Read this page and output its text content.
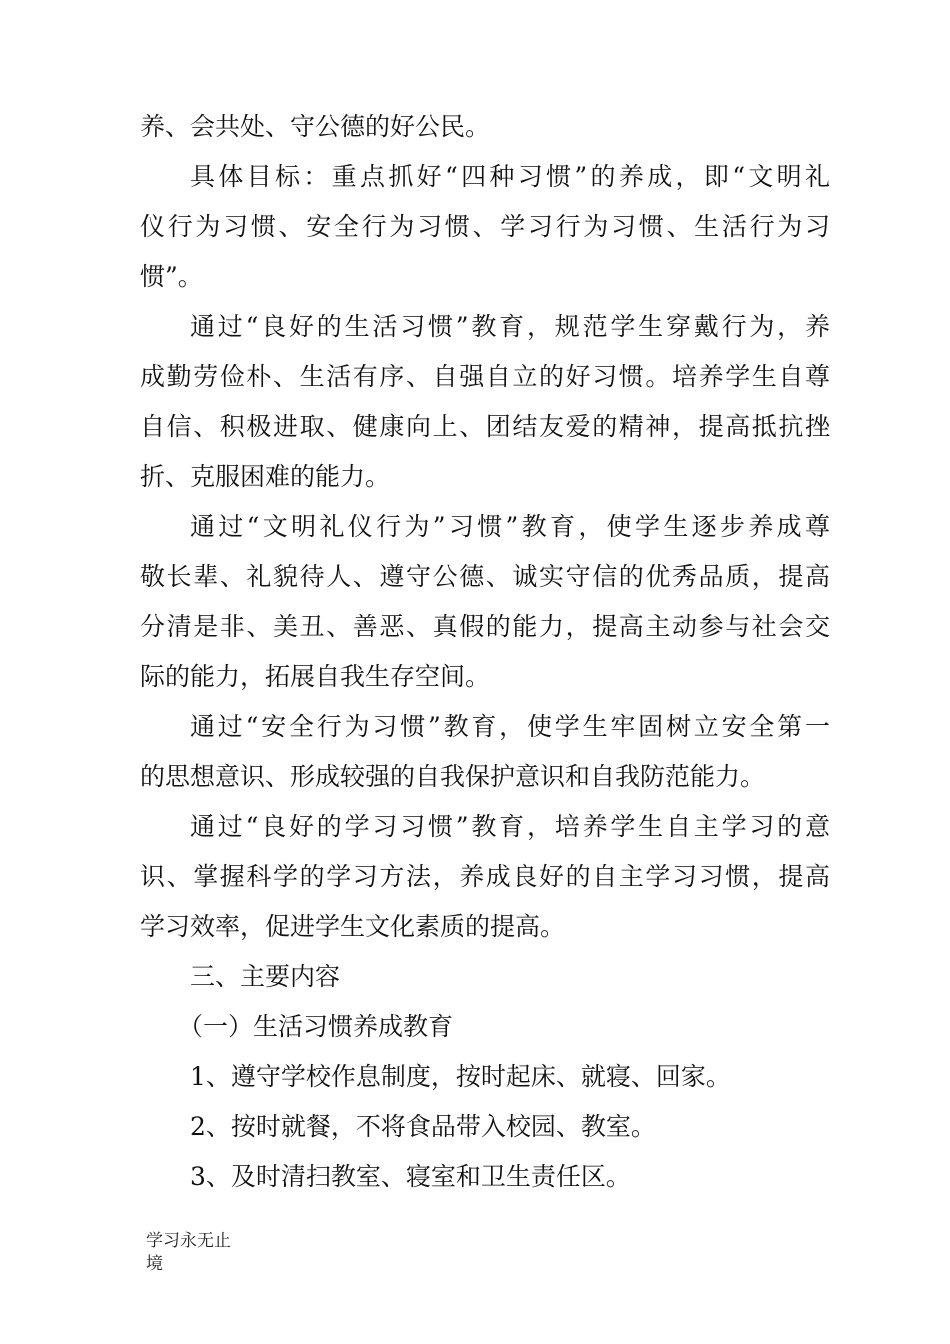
养、会共处、守公德的好公民。
具体目标：重点抓好“四种习惯”的养成，即“文明礼
仪行为习惯、安全行为习惯、学习行为习惯、生活行为习
惯”。
通过“良好的生活习惯”教育，规范学生穿戴行为，养
成勤劳俭朴、生活有序、自强自立的好习惯。培养学生自尊
自信、积极进取、健康向上、团结友爱的精神，提高抵抗挫
折、克服困难的能力。
通过“文明礼仪行为”习惯”教育，使学生逐步养成尊
敬长辈、礼貌待人、遵守公德、诚实守信的优秀品质，提高
分清是非、美丑、善恶、真假的能力，提高主动参与社会交
际的能力，拓展自我生存空间。
通过“安全行为习惯”教育，使学生牢固树立安全第一
的思想意识、形成较强的自我保护意识和自我防范能力。
通过“良好的学习习惯”教育，培养学生自主学习的意
识、掌握科学的学习方法，养成良好的自主学习习惯，提高
学习效率，促进学生文化素质的提高。
三、主要内容
（一）生活习惯养成教育
1、遵守学校作息制度，按时起床、就寝、回家。
2、按时就餐，不将食品带入校园、教室。
3、及时清扫教室、寝室和卫生责任区。
学习永无止
境
